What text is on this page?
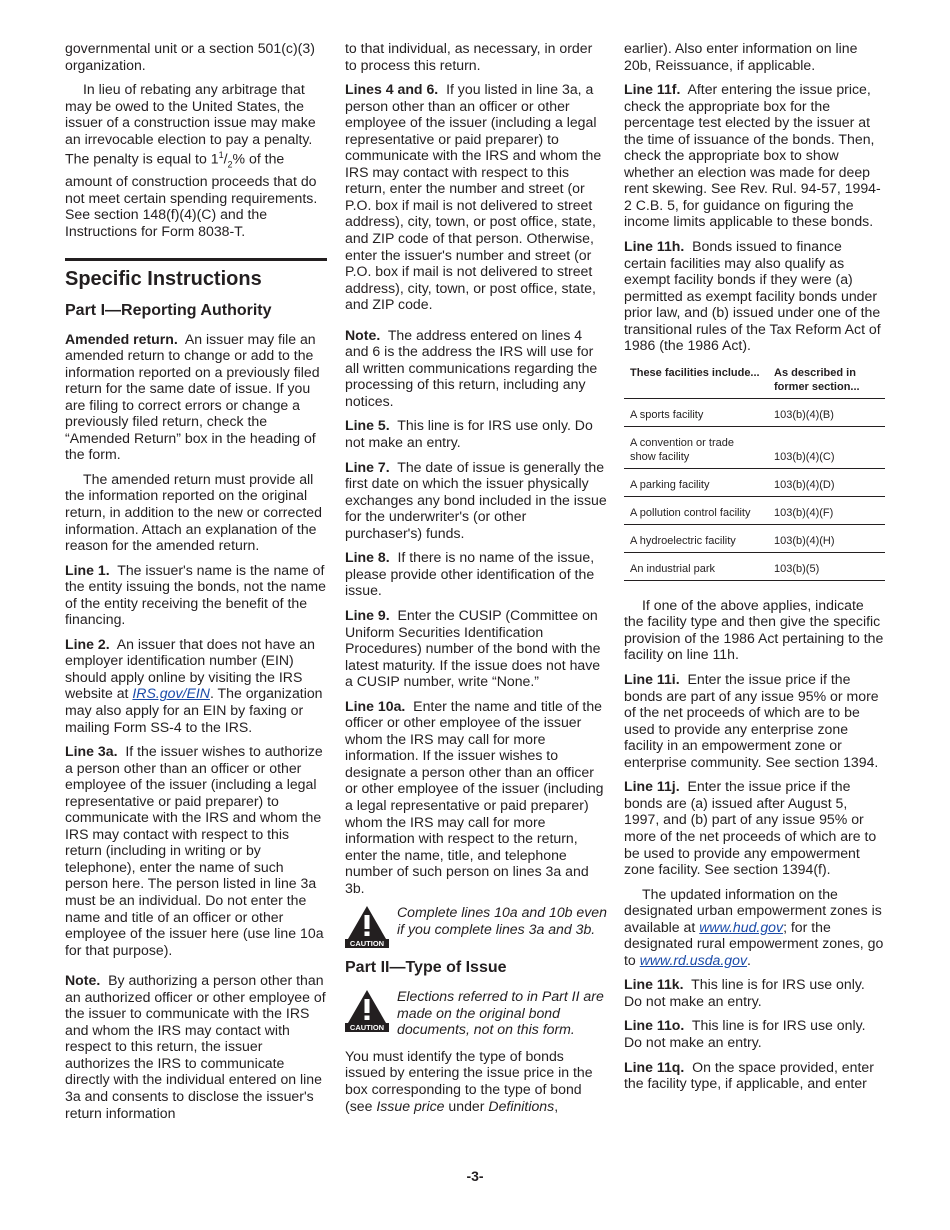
governmental unit or a section 501(c)(3) organization.

In lieu of rebating any arbitrage that may be owed to the United States, the issuer of a construction issue may make an irrevocable election to pay a penalty. The penalty is equal to $1^1/_2\%$ of the amount of construction proceeds that do not meet certain spending requirements. See section 148(f)(4)(C) and the Instructions for Form 8038-T.

Specific Instructions
Part I—Reporting Authority

Amended return. An issuer may file an amended return to change or add to the information reported on a previously filed return for the same date of issue. If you are filing to correct errors or change a previously filed return, check the “Amended Return” box in the heading of the form.

The amended return must provide all the information reported on the original return, in addition to the new or corrected information. Attach an explanation of the reason for the amended return.

Line 1. The issuer's name is the name of the entity issuing the bonds, not the name of the entity receiving the benefit of the financing.

Line 2. An issuer that does not have an employer identification number (EIN) should apply online by visiting the IRS website at IRS.gov/EIN. The organization may also apply for an EIN by faxing or mailing Form SS-4 to the IRS.

Line 3a. If the issuer wishes to authorize a person other than an officer or other employee of the issuer (including a legal representative or paid preparer) to communicate with the IRS and whom the IRS may contact with respect to this return (including in writing or by telephone), enter the name of such person here. The person listed in line 3a must be an individual. Do not enter the name and title of an officer or other employee of the issuer here (use line 10a for that purpose).

Note. By authorizing a person other than an authorized officer or other employee of the issuer to communicate with the IRS and whom the IRS may contact with respect to this return, the issuer authorizes the IRS to communicate directly with the individual entered on line 3a and consents to disclose the issuer's return information

to that individual, as necessary, in order to process this return.

Lines 4 and 6. If you listed in line 3a, a person other than an officer or other employee of the issuer (including a legal representative or paid preparer) to communicate with the IRS and whom the IRS may contact with respect to this return, enter the number and street (or P.O. box if mail is not delivered to street address), city, town, or post office, state, and ZIP code of that person. Otherwise, enter the issuer's number and street (or P.O. box if mail is not delivered to street address), city, town, or post office, state, and ZIP code.

Note. The address entered on lines 4 and 6 is the address the IRS will use for all written communications regarding the processing of this return, including any notices.

Line 5. This line is for IRS use only. Do not make an entry.

Line 7. The date of issue is generally the first date on which the issuer physically exchanges any bond included in the issue for the underwriter's (or other purchaser's) funds.

Line 8. If there is no name of the issue, please provide other identification of the issue.

Line 9. Enter the CUSIP (Committee on Uniform Securities Identification Procedures) number of the bond with the latest maturity. If the issue does not have a CUSIP number, write “None.”

Line 10a. Enter the name and title of the officer or other employee of the issuer whom the IRS may call for more information. If the issuer wishes to designate a person other than an officer or other employee of the issuer (including a legal representative or paid preparer) whom the IRS may call for more information with respect to the return, enter the name, title, and telephone number of such person on lines 3a and 3b.

CAUTION
Complete lines 10a and 10b even if you complete lines 3a and 3b.
Part II—Type of Issue
CAUTION
Elections referred to in Part II are made on the original bond documents, not on this form.

You must identify the type of bonds issued by entering the issue price in the box corresponding to the type of bond (see Issue price under Definitions,

earlier). Also enter information on line 20b, Reissuance, if applicable.

Line 11f. After entering the issue price, check the appropriate box for the percentage test elected by the issuer at the time of issuance of the bonds. Then, check the appropriate box to show whether an election was made for deep rent skewing. See Rev. Rul. 94-57, 1994-2 C.B. 5, for guidance on figuring the income limits applicable to these bonds.

Line 11h. Bonds issued to finance certain facilities may also qualify as exempt facility bonds if they were (a) permitted as exempt facility bonds under prior law, and (b) issued under one of the transitional rules of the Tax Reform Act of 1986 (the 1986 Act).

These facilities include...	As described in former section...
A sports facility	103(b)(4)(B)
A convention or trade show facility	103(b)(4)(C)
A parking facility	103(b)(4)(D)
A pollution control facility	103(b)(4)(F)
A hydroelectric facility	103(b)(4)(H)
An industrial park	103(b)(5)

If one of the above applies, indicate the facility type and then give the specific provision of the 1986 Act pertaining to the facility on line 11h.

Line 11i. Enter the issue price if the bonds are part of any issue 95% or more of the net proceeds of which are to be used to provide any enterprise zone facility in an empowerment zone or enterprise community. See section 1394.

Line 11j. Enter the issue price if the bonds are (a) issued after August 5, 1997, and (b) part of any issue 95% or more of the net proceeds of which are to be used to provide any empowerment zone facility. See section 1394(f).

The updated information on the designated urban empowerment zones is available at www.hud.gov; for the designated rural empowerment zones, go to www.rd.usda.gov.

Line 11k. This line is for IRS use only. Do not make an entry.

Line 11o. This line is for IRS use only. Do not make an entry.

Line 11q. On the space provided, enter the facility type, if applicable, and enter

-3-
